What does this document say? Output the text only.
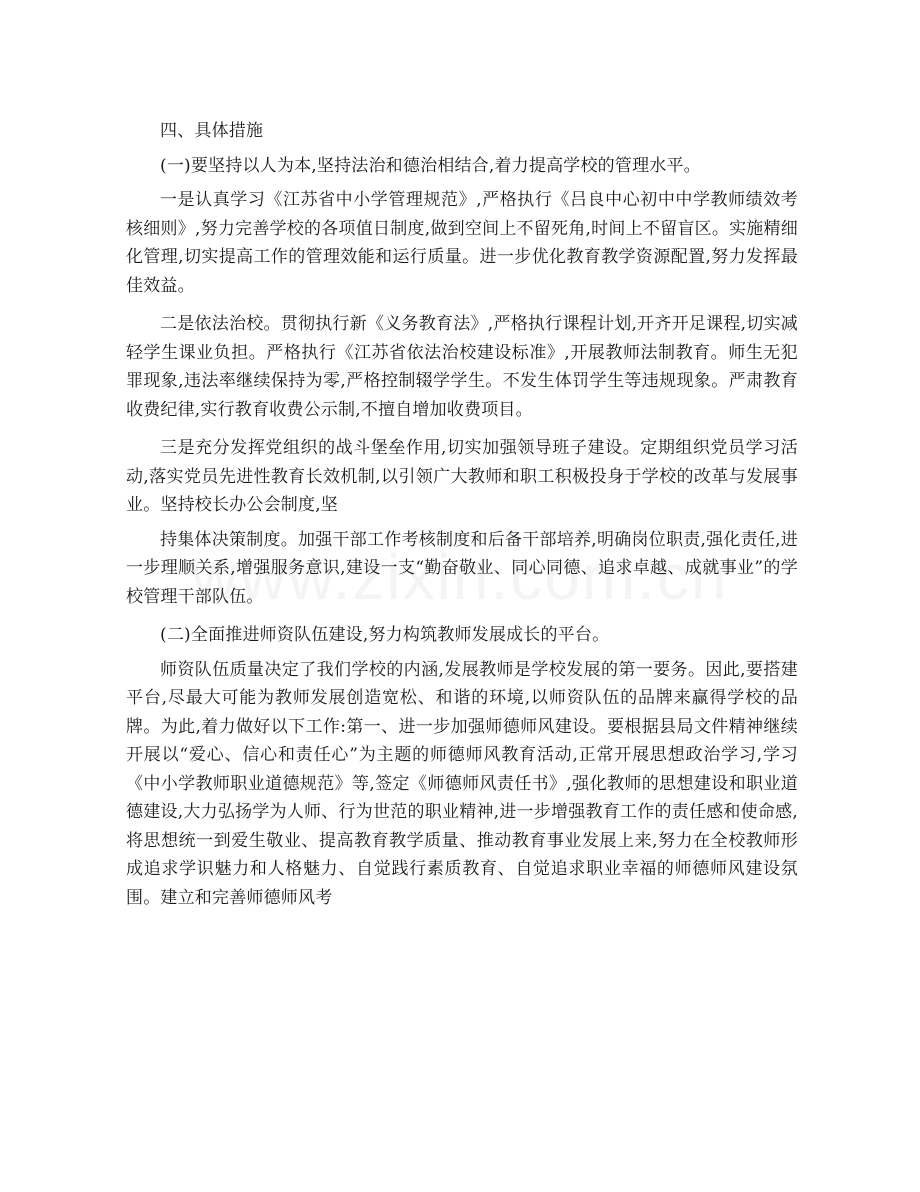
四、具体措施

(一)要坚持以人为本,坚持法治和德治相结合,着力提高学校的管理水平。

一是认真学习《江苏省中小学管理规范》,严格执行《吕良中心初中中学教师绩效考核细则》,努力完善学校的各项值日制度,做到空间上不留死角,时间上不留盲区。实施精细化管理,切实提高工作的管理效能和运行质量。进一步优化教育教学资源配置,努力发挥最佳效益。

二是依法治校。贯彻执行新《义务教育法》,严格执行课程计划,开齐开足课程,切实减轻学生课业负担。严格执行《江苏省依法治校建设标准》,开展教师法制教育。师生无犯罪现象,违法率继续保持为零,严格控制辍学学生。不发生体罚学生等违规现象。严肃教育收费纪律,实行教育收费公示制,不擅自增加收费项目。

三是充分发挥党组织的战斗堡垒作用,切实加强领导班子建设。定期组织党员学习活动,落实党员先进性教育长效机制,以引领广大教师和职工积极投身于学校的改革与发展事业。坚持校长办公会制度,坚

持集体决策制度。加强干部工作考核制度和后备干部培养,明确岗位职责,强化责任,进一步理顺关系,增强服务意识,建设一支“勤奋敬业、同心同德、追求卓越、成就事业”的学校管理干部队伍。

(二)全面推进师资队伍建设,努力构筑教师发展成长的平台。

师资队伍质量决定了我们学校的内涵,发展教师是学校发展的第一要务。因此,要搭建平台,尽最大可能为教师发展创造宽松、和谐的环境,以师资队伍的品牌来赢得学校的品牌。为此,着力做好以下工作:第一、进一步加强师德师风建设。要根据县局文件精神继续开展以“爱心、信心和责任心”为主题的师德师风教育活动,正常开展思想政治学习,学习《中小学教师职业道德规范》等,签定《师德师风责任书》,强化教师的思想建设和职业道德建设,大力弘扬学为人师、行为世范的职业精神,进一步增强教育工作的责任感和使命感,将思想统一到爱生敬业、提高教育教学质量、推动教育事业发展上来,努力在全校教师形成追求学识魅力和人格魅力、自觉践行素质教育、自觉追求职业幸福的师德师风建设氛围。建立和完善师德师风考
